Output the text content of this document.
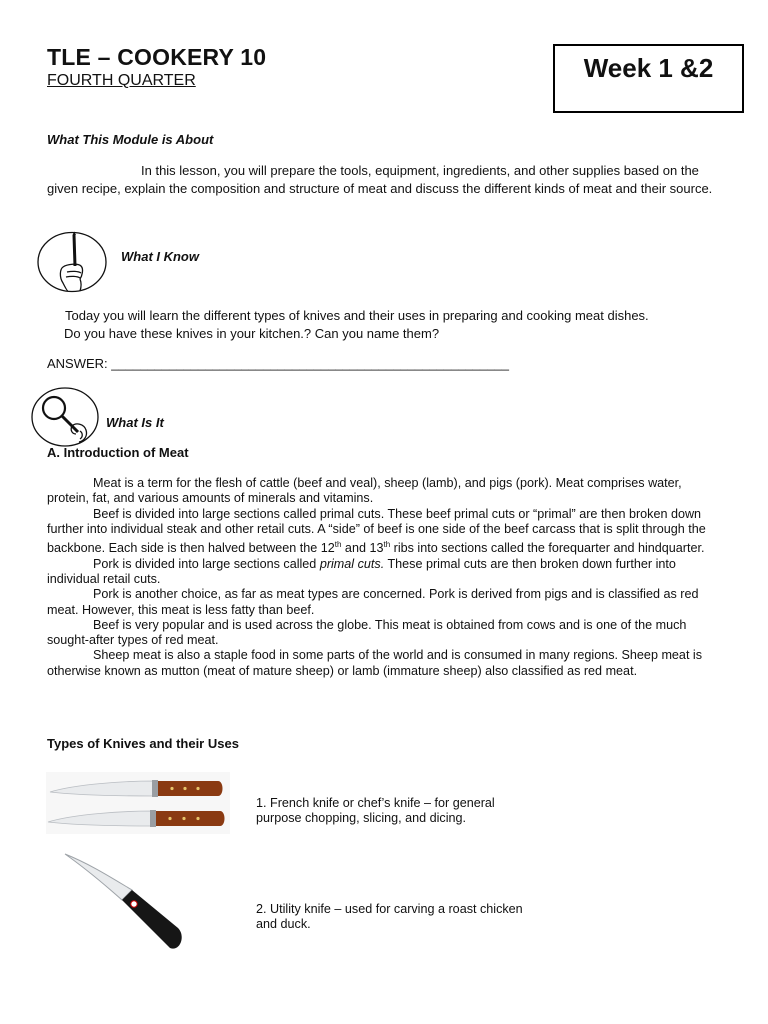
TLE – COOKERY 10
FOURTH QUARTER	Week 1 &2
What This Module is About
In this lesson, you will prepare the tools, equipment, ingredients, and other supplies based on the given recipe, explain the composition and structure of meat and discuss the different kinds of meat and their source.
What I Know
Today you will learn the different types of knives and their uses in preparing and cooking meat dishes.
Do you have these knives in your kitchen.? Can you name them?
ANSWER: _______________________________________________________
What Is It
A. Introduction of Meat
Meat is a term for the flesh of cattle (beef and veal), sheep (lamb), and pigs (pork). Meat comprises water, protein, fat, and various amounts of minerals and vitamins.
Beef is divided into large sections called primal cuts. These beef primal cuts or “primal” are then broken down further into individual steak and other retail cuts. A “side” of beef is one side of the beef carcass that is split through the backbone. Each side is then halved between the 12th and 13th ribs into sections called the forequarter and hindquarter.
Pork is divided into large sections called primal cuts. These primal cuts are then broken down further into individual retail cuts.
Pork is another choice, as far as meat types are concerned. Pork is derived from pigs and is classified as red meat. However, this meat is less fatty than beef.
Beef is very popular and is used across the globe. This meat is obtained from cows and is one of the much sought-after types of red meat.
Sheep meat is also a staple food in some parts of the world and is consumed in many regions. Sheep meat is otherwise known as mutton (meat of mature sheep) or lamb (immature sheep) also classified as red meat.
Types of Knives and their Uses
1. French knife or chef’s knife – for general purpose chopping, slicing, and dicing.
2. Utility knife – used for carving a roast chicken and duck.
